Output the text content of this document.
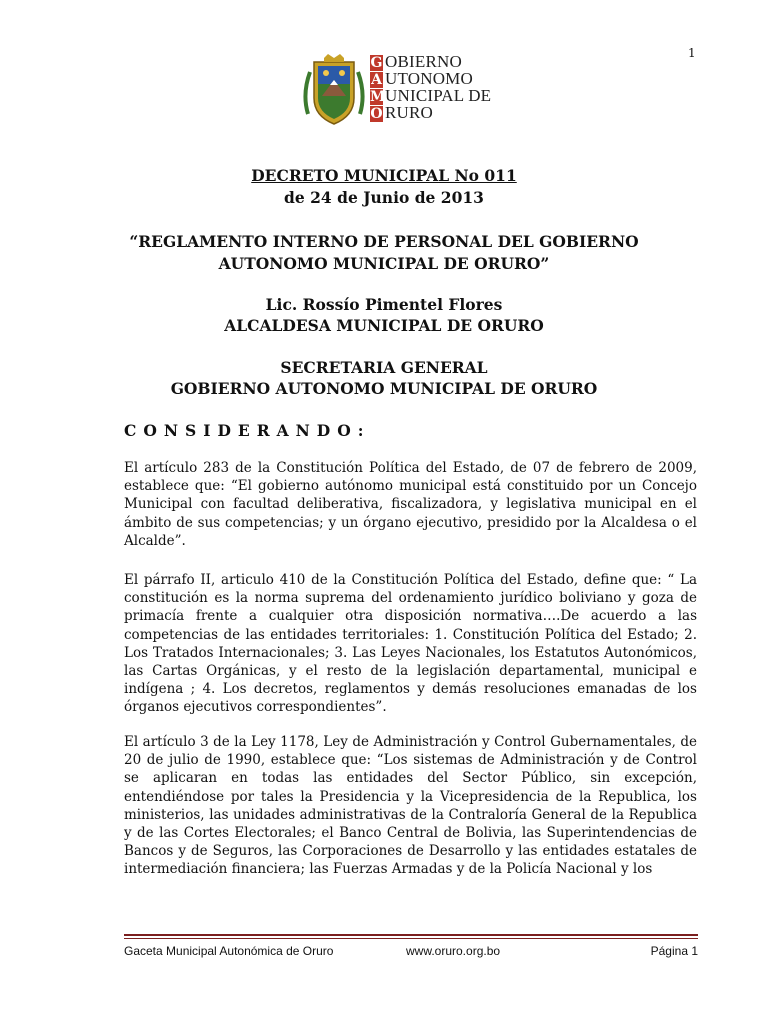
1
G OBIERNO
A UTONOMO
M UNICIPAL DE
O RURO
DECRETO MUNICIPAL No 011
de 24 de Junio de 2013
“REGLAMENTO INTERNO DE PERSONAL DEL GOBIERNO
AUTONOMO MUNICIPAL DE ORURO”
Lic. Rossío Pimentel Flores
ALCALDESA MUNICIPAL DE ORURO
SECRETARIA GENERAL
GOBIERNO AUTONOMO MUNICIPAL DE ORURO
CONSIDERANDO:
El artículo 283 de la Constitución Política del Estado, de 07 de febrero de 2009, establece que: “El gobierno autónomo municipal está constituido por un Concejo Municipal con facultad deliberativa, fiscalizadora, y legislativa municipal en el ámbito de sus competencias; y un órgano ejecutivo, presidido por la Alcaldesa o el Alcalde”.
El párrafo II, articulo 410 de la Constitución Política del Estado, define que: “ La constitución es la norma suprema del ordenamiento jurídico boliviano y goza de primacía frente a cualquier otra disposición normativa….De acuerdo a las competencias de las entidades territoriales: 1. Constitución Política del Estado; 2. Los Tratados Internacionales; 3. Las Leyes Nacionales, los Estatutos Autonómicos, las Cartas Orgánicas, y el resto de la legislación departamental, municipal e indígena ; 4. Los decretos, reglamentos y demás resoluciones emanadas de los órganos ejecutivos correspondientes”.
El artículo 3 de la Ley 1178, Ley de Administración y Control Gubernamentales, de 20 de julio de 1990, establece que: “Los sistemas de Administración y de Control se aplicaran en todas las entidades del Sector Público, sin excepción, entendiéndose por tales la Presidencia y la Vicepresidencia de la Republica, los ministerios, las unidades administrativas de la Contraloría General de la Republica y de las Cortes Electorales; el Banco Central de Bolivia, las Superintendencias de Bancos y de Seguros, las Corporaciones de Desarrollo y las entidades estatales de intermediación financiera; las Fuerzas Armadas y de la Policía Nacional y los
Gaceta Municipal Autonómica de Oruro	www.oruro.org.bo	Página 1
